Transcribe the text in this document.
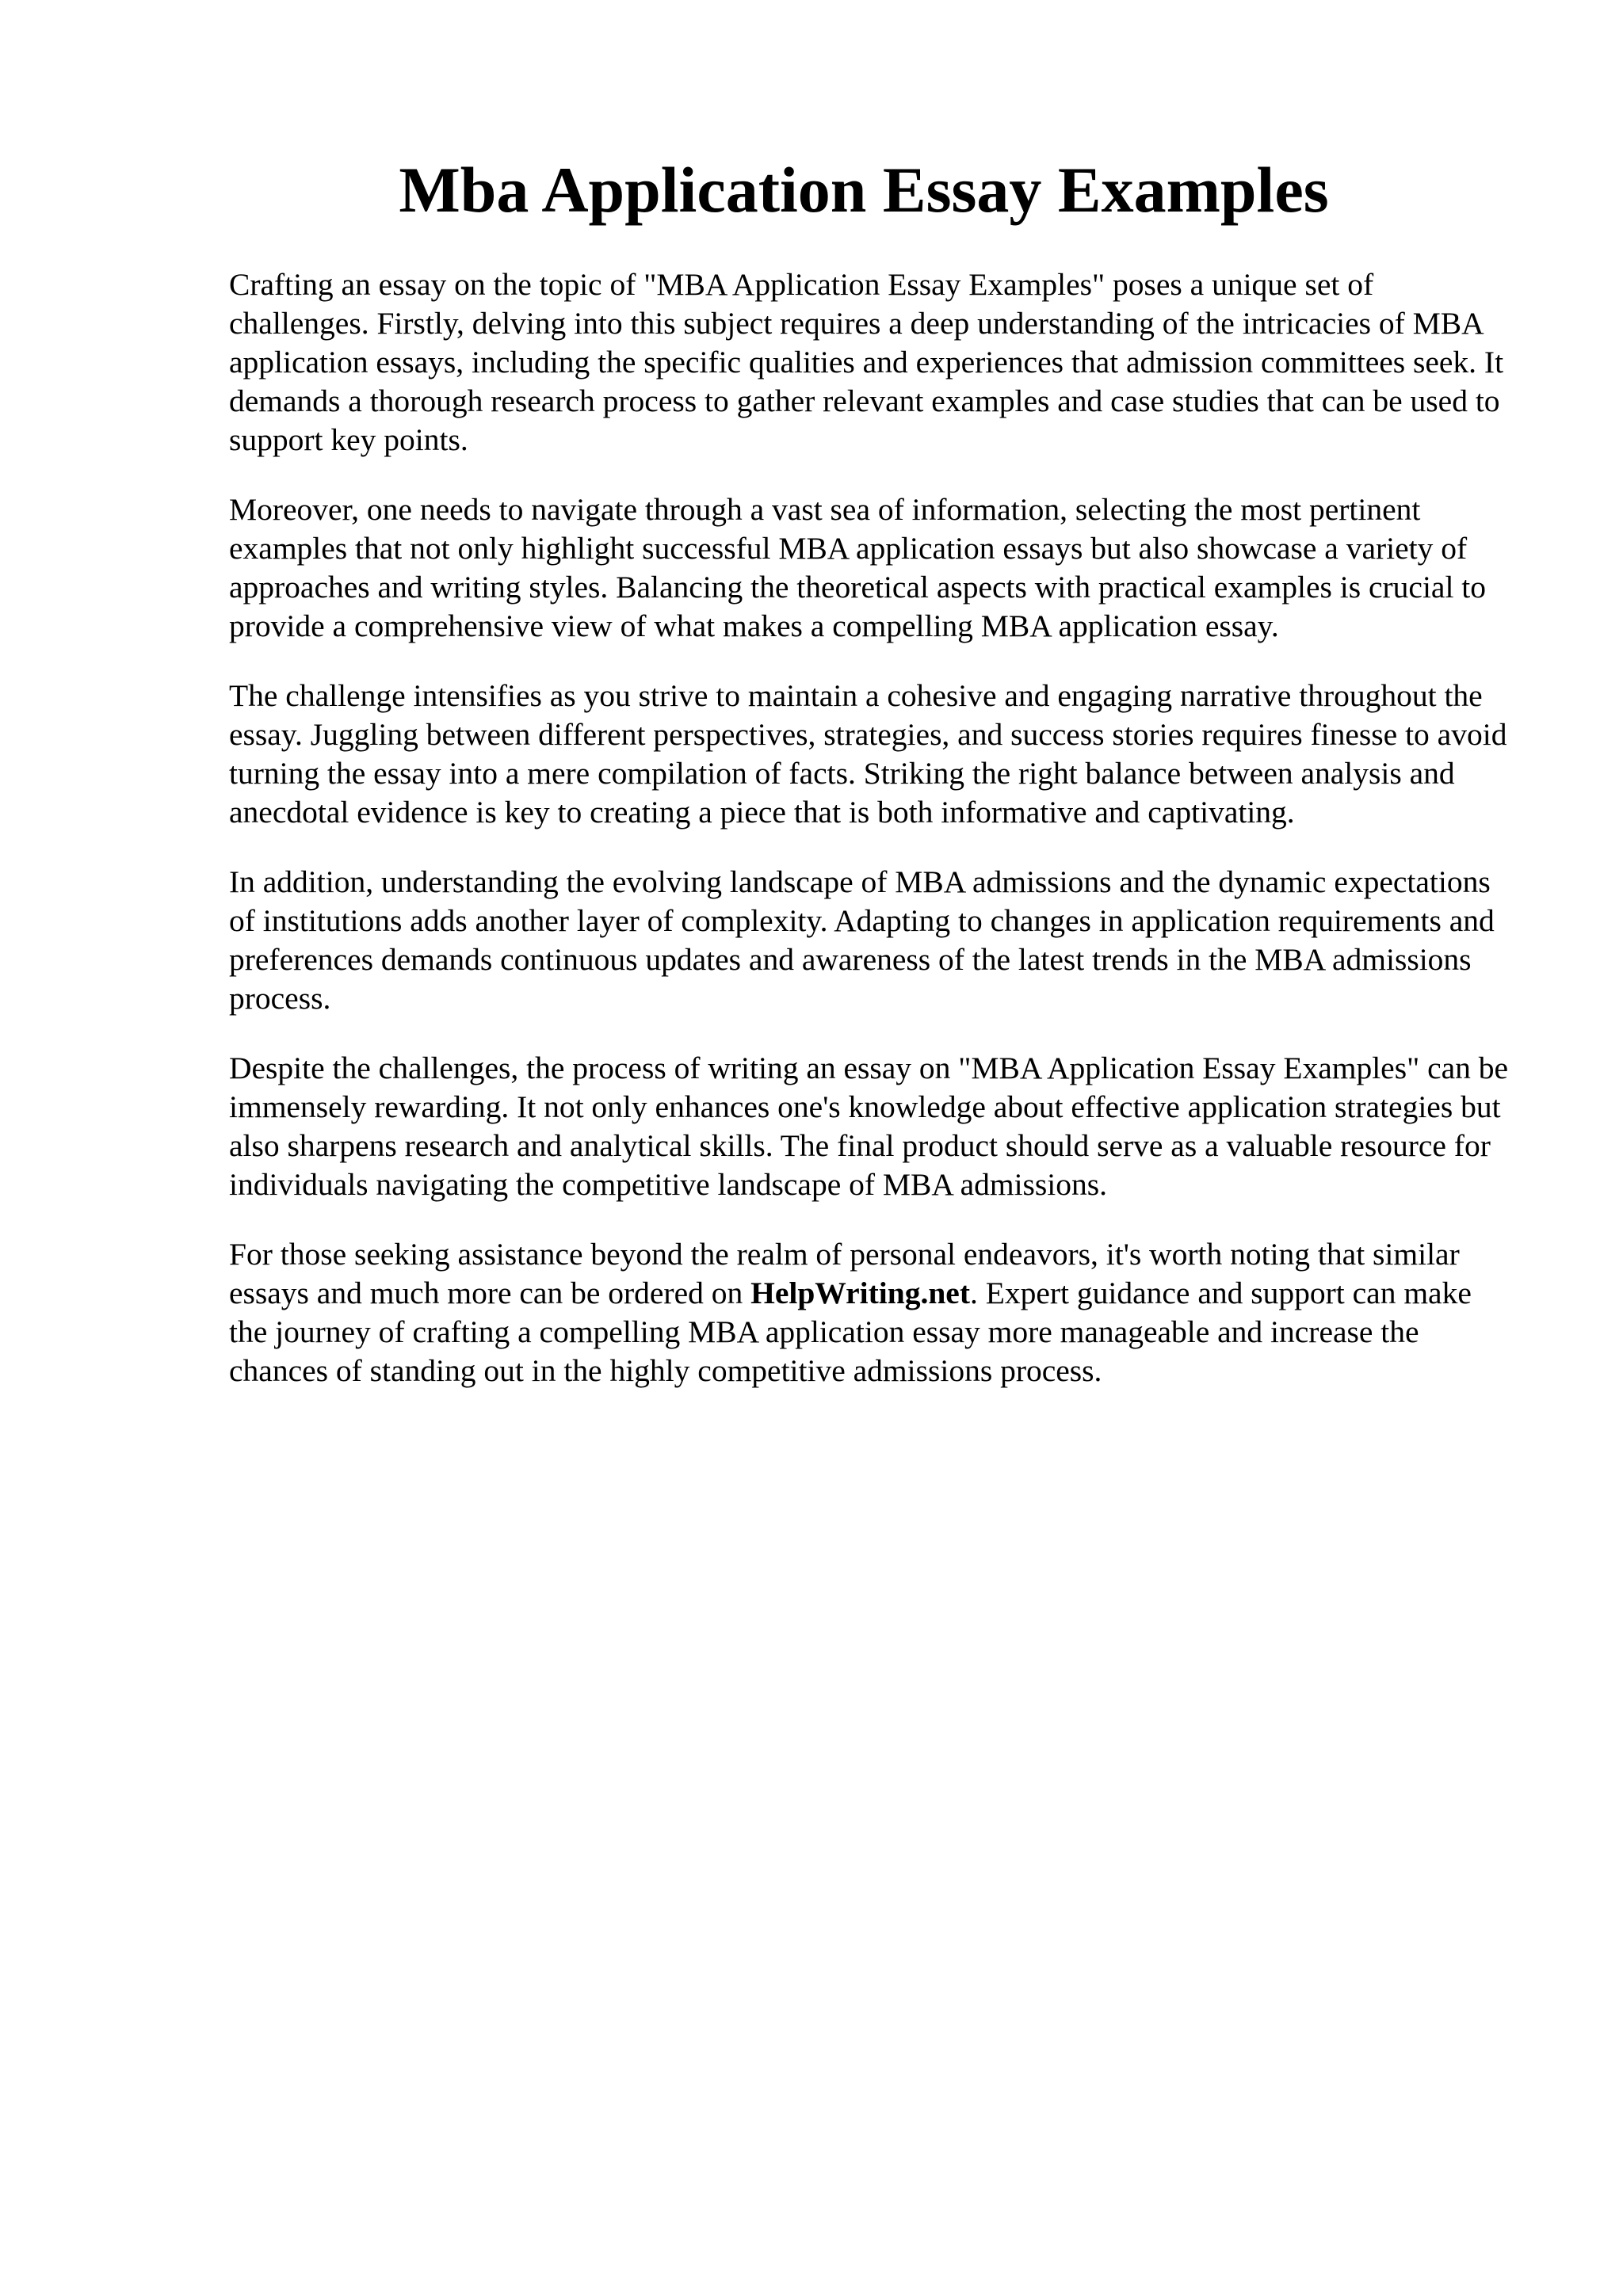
Mba Application Essay Examples

Crafting an essay on the topic of "MBA Application Essay Examples" poses a unique set of challenges. Firstly, delving into this subject requires a deep understanding of the intricacies of MBA application essays, including the specific qualities and experiences that admission committees seek. It demands a thorough research process to gather relevant examples and case studies that can be used to support key points.

Moreover, one needs to navigate through a vast sea of information, selecting the most pertinent examples that not only highlight successful MBA application essays but also showcase a variety of approaches and writing styles. Balancing the theoretical aspects with practical examples is crucial to provide a comprehensive view of what makes a compelling MBA application essay.

The challenge intensifies as you strive to maintain a cohesive and engaging narrative throughout the essay. Juggling between different perspectives, strategies, and success stories requires finesse to avoid turning the essay into a mere compilation of facts. Striking the right balance between analysis and anecdotal evidence is key to creating a piece that is both informative and captivating.

In addition, understanding the evolving landscape of MBA admissions and the dynamic expectations of institutions adds another layer of complexity. Adapting to changes in application requirements and preferences demands continuous updates and awareness of the latest trends in the MBA admissions process.

Despite the challenges, the process of writing an essay on "MBA Application Essay Examples" can be immensely rewarding. It not only enhances one's knowledge about effective application strategies but also sharpens research and analytical skills. The final product should serve as a valuable resource for individuals navigating the competitive landscape of MBA admissions.

For those seeking assistance beyond the realm of personal endeavors, it's worth noting that similar essays and much more can be ordered on HelpWriting.net. Expert guidance and support can make the journey of crafting a compelling MBA application essay more manageable and increase the chances of standing out in the highly competitive admissions process.
